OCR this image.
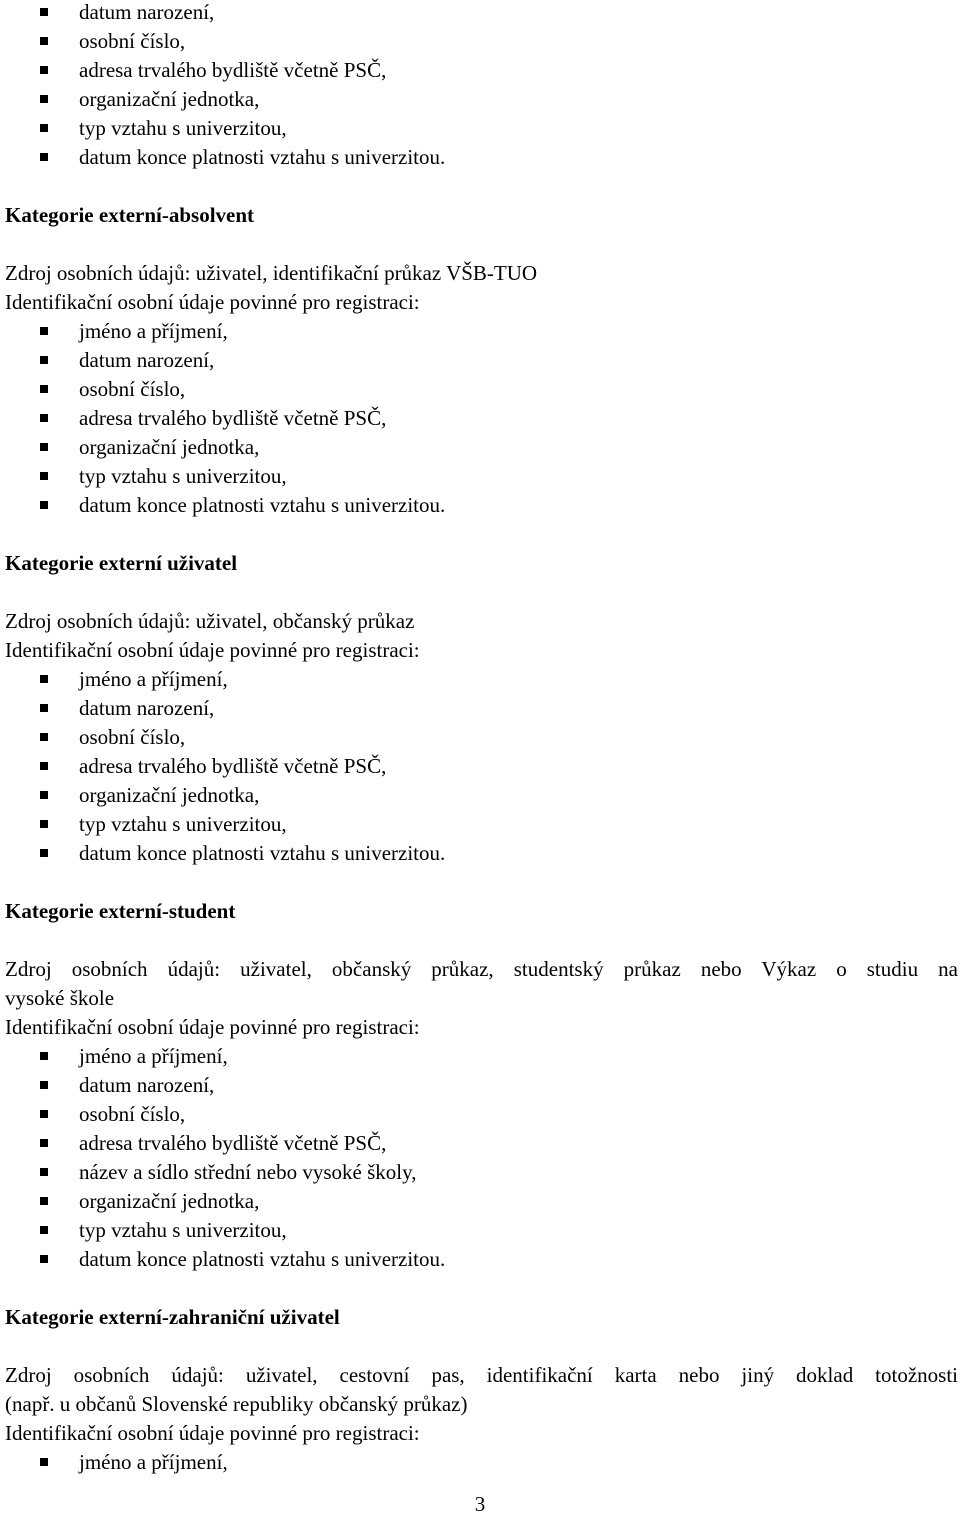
datum narození,
osobní číslo,
adresa trvalého bydliště včetně PSČ,
organizační jednotka,
typ vztahu s univerzitou,
datum konce platnosti vztahu s univerzitou.
Kategorie externí-absolvent
Zdroj osobních údajů: uživatel, identifikační průkaz VŠB-TUO
Identifikační osobní údaje povinné pro registraci:
jméno a příjmení,
datum narození,
osobní číslo,
adresa trvalého bydliště včetně PSČ,
organizační jednotka,
typ vztahu s univerzitou,
datum konce platnosti vztahu s univerzitou.
Kategorie externí uživatel
Zdroj osobních údajů: uživatel, občanský průkaz
Identifikační osobní údaje povinné pro registraci:
jméno a příjmení,
datum narození,
osobní číslo,
adresa trvalého bydliště včetně PSČ,
organizační jednotka,
typ vztahu s univerzitou,
datum konce platnosti vztahu s univerzitou.
Kategorie externí-student
Zdroj osobních údajů: uživatel, občanský průkaz, studentský průkaz nebo Výkaz o studiu na
vysoké škole
Identifikační osobní údaje povinné pro registraci:
jméno a příjmení,
datum narození,
osobní číslo,
adresa trvalého bydliště včetně PSČ,
název a sídlo střední nebo vysoké školy,
organizační jednotka,
typ vztahu s univerzitou,
datum konce platnosti vztahu s univerzitou.
Kategorie externí-zahraniční uživatel
Zdroj osobních údajů: uživatel, cestovní pas, identifikační karta nebo jiný doklad totožnosti
(např. u občanů Slovenské republiky občanský průkaz)
Identifikační osobní údaje povinné pro registraci:
jméno a příjmení,
3
